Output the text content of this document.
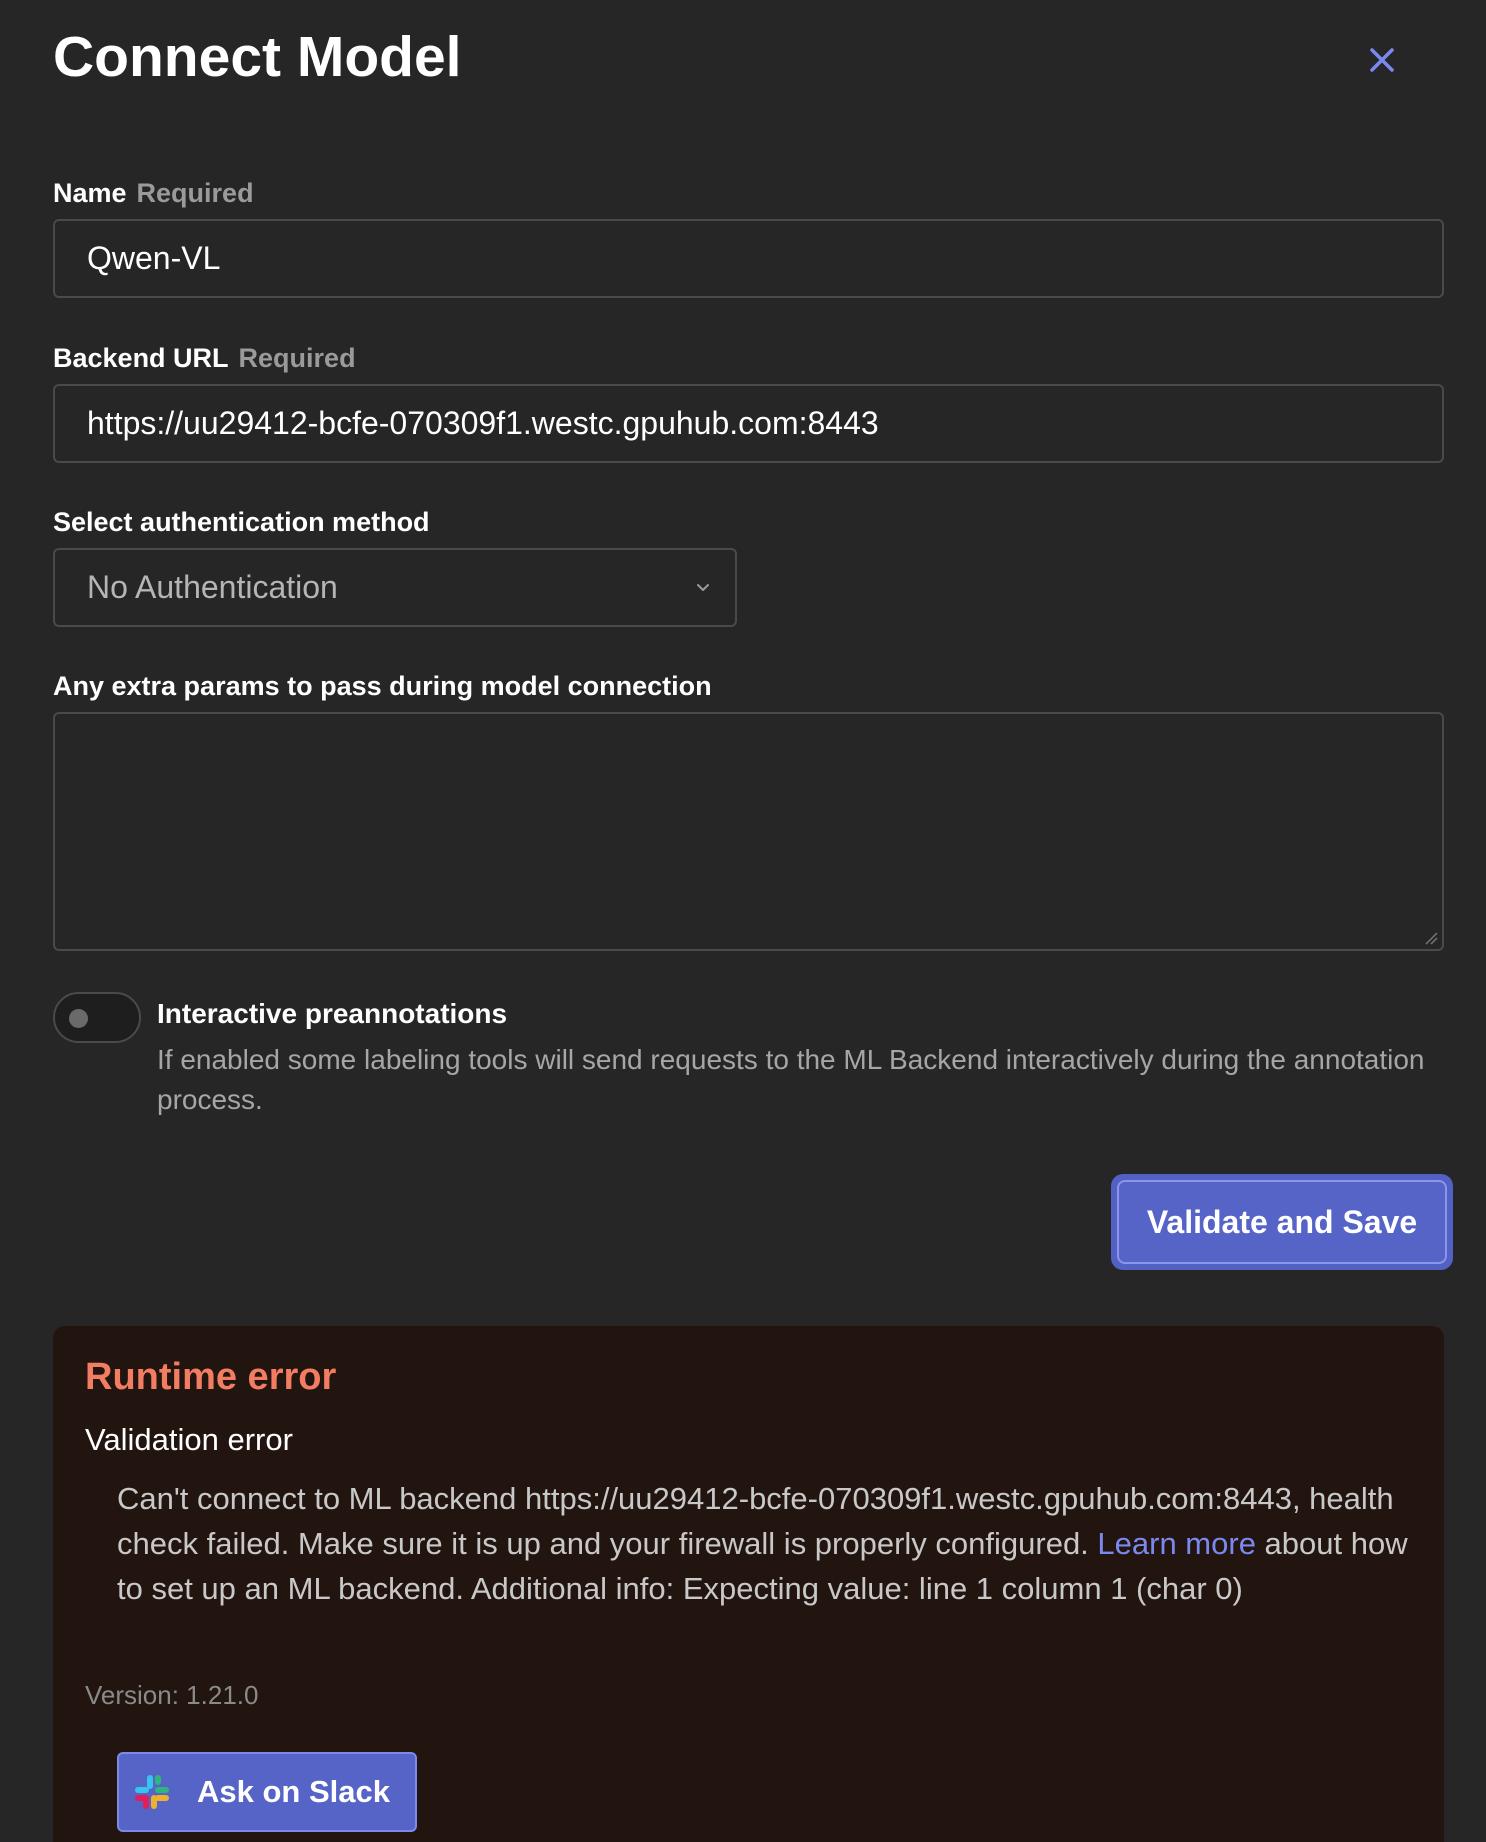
Connect Model
Name Required
Qwen-VL
Backend URL Required
https://uu29412-bcfe-070309f1.westc.gpuhub.com:8443
Select authentication method
No Authentication
Any extra params to pass during model connection
Interactive preannotations
If enabled some labeling tools will send requests to the ML Backend interactively during the annotation process.
Validate and Save
Runtime error
Validation error
Can't connect to ML backend https://uu29412-bcfe-070309f1.westc.gpuhub.com:8443, health check failed. Make sure it is up and your firewall is properly configured. Learn more about how to set up an ML backend. Additional info: Expecting value: line 1 column 1 (char 0)
Version: 1.21.0
Ask on Slack
